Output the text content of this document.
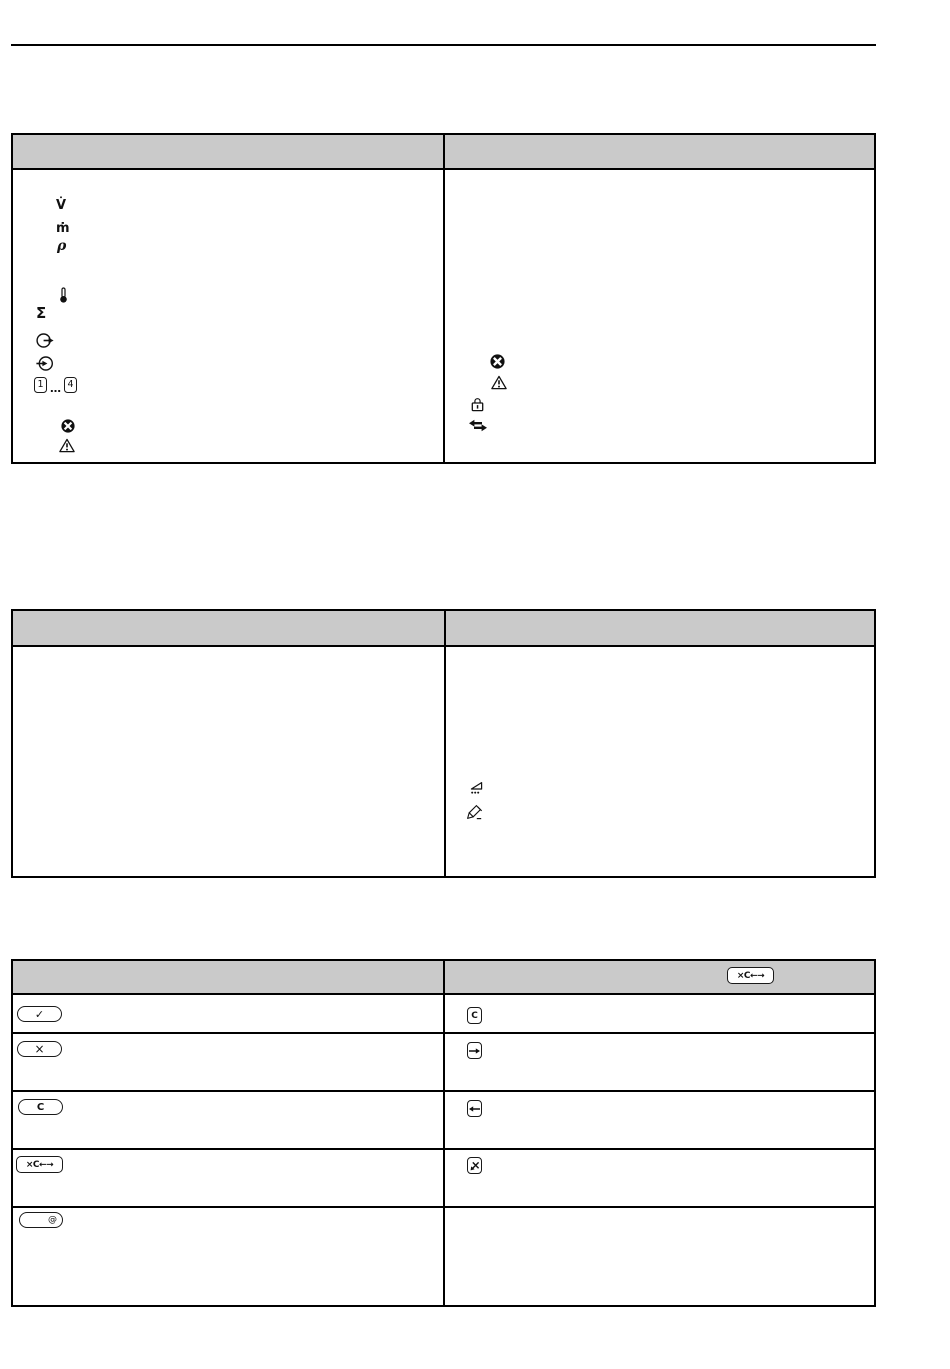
V̇
ṁ
ρ
Σ
1 … 4
× C ← →
✓
×
C
× C ← →
@
C
